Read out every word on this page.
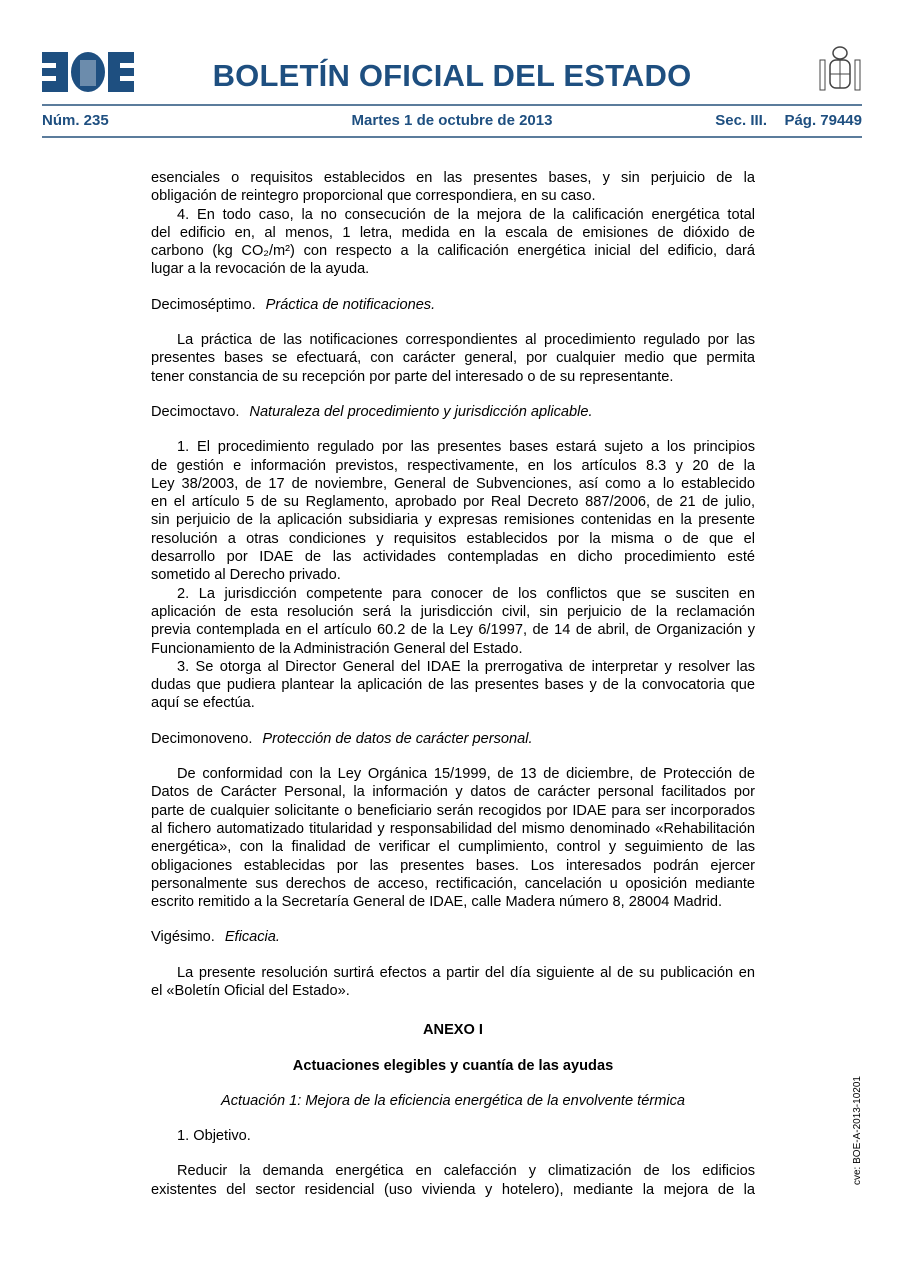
BOLETÍN OFICIAL DEL ESTADO
Núm. 235	Martes 1 de octubre de 2013	Sec. III. Pág. 79449
esenciales o requisitos establecidos en las presentes bases, y sin perjuicio de la
obligación de reintegro proporcional que correspondiera, en su caso.
4. En todo caso, la no consecución de la mejora de la calificación energética total
del edificio en, al menos, 1 letra, medida en la escala de emisiones de dióxido de
carbono (kg CO₂/m²) con respecto a la calificación energética inicial del edificio, dará
lugar a la revocación de la ayuda.
Decimoséptimo. Práctica de notificaciones.
La práctica de las notificaciones correspondientes al procedimiento regulado por las
presentes bases se efectuará, con carácter general, por cualquier medio que permita
tener constancia de su recepción por parte del interesado o de su representante.
Decimoctavo. Naturaleza del procedimiento y jurisdicción aplicable.
1. El procedimiento regulado por las presentes bases estará sujeto a los principios
de gestión e información previstos, respectivamente, en los artículos 8.3 y 20 de la
Ley 38/2003, de 17 de noviembre, General de Subvenciones, así como a lo establecido
en el artículo 5 de su Reglamento, aprobado por Real Decreto 887/2006, de 21 de julio,
sin perjuicio de la aplicación subsidiaria y expresas remisiones contenidas en la presente
resolución a otras condiciones y requisitos establecidos por la misma o de que el
desarrollo por IDAE de las actividades contempladas en dicho procedimiento esté
sometido al Derecho privado.
2. La jurisdicción competente para conocer de los conflictos que se susciten en
aplicación de esta resolución será la jurisdicción civil, sin perjuicio de la reclamación
previa contemplada en el artículo 60.2 de la Ley 6/1997, de 14 de abril, de Organización y
Funcionamiento de la Administración General del Estado.
3. Se otorga al Director General del IDAE la prerrogativa de interpretar y resolver las
dudas que pudiera plantear la aplicación de las presentes bases y de la convocatoria que
aquí se efectúa.
Decimonoveno. Protección de datos de carácter personal.
De conformidad con la Ley Orgánica 15/1999, de 13 de diciembre, de Protección de
Datos de Carácter Personal, la información y datos de carácter personal facilitados por
parte de cualquier solicitante o beneficiario serán recogidos por IDAE para ser incorporados
al fichero automatizado titularidad y responsabilidad del mismo denominado «Rehabilitación
energética», con la finalidad de verificar el cumplimiento, control y seguimiento de las
obligaciones establecidas por las presentes bases. Los interesados podrán ejercer
personalmente sus derechos de acceso, rectificación, cancelación u oposición mediante
escrito remitido a la Secretaría General de IDAE, calle Madera número 8, 28004 Madrid.
Vigésimo. Eficacia.
La presente resolución surtirá efectos a partir del día siguiente al de su publicación en
el «Boletín Oficial del Estado».
ANEXO I
Actuaciones elegibles y cuantía de las ayudas
Actuación 1: Mejora de la eficiencia energética de la envolvente térmica
1. Objetivo.
Reducir la demanda energética en calefacción y climatización de los edificios
existentes del sector residencial (uso vivienda y hotelero), mediante la mejora de la
cve: BOE-A-2013-10201
